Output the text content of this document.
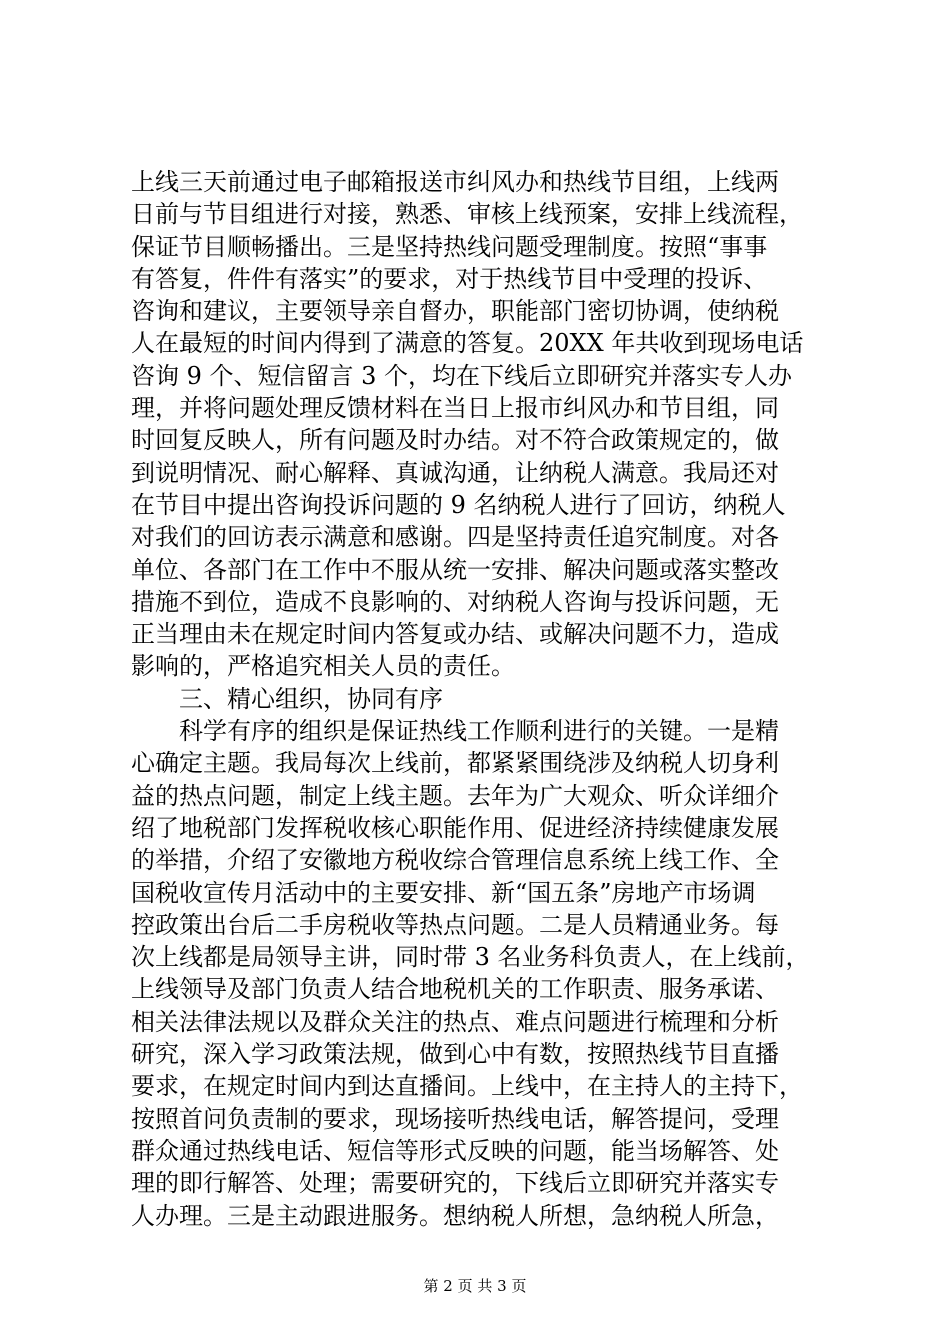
上线三天前通过电子邮箱报送市纠风办和热线节目组，上线两
日前与节目组进行对接，熟悉、审核上线预案，安排上线流程，
保证节目顺畅播出。三是坚持热线问题受理制度。按照“事事
有答复，件件有落实”的要求，对于热线节目中受理的投诉、
咨询和建议，主要领导亲自督办，职能部门密切协调，使纳税
人在最短的时间内得到了满意的答复。20XX 年共收到现场电话
咨询 9 个、短信留言 3 个，均在下线后立即研究并落实专人办
理，并将问题处理反馈材料在当日上报市纠风办和节目组，同
时回复反映人，所有问题及时办结。对不符合政策规定的，做
到说明情况、耐心解释、真诚沟通，让纳税人满意。我局还对
在节目中提出咨询投诉问题的 9 名纳税人进行了回访，纳税人
对我们的回访表示满意和感谢。四是坚持责任追究制度。对各
单位、各部门在工作中不服从统一安排、解决问题或落实整改
措施不到位，造成不良影响的、对纳税人咨询与投诉问题，无
正当理由未在规定时间内答复或办结、或解决问题不力，造成
影响的，严格追究相关人员的责任。
　　三、精心组织，协同有序
　　科学有序的组织是保证热线工作顺利进行的关键。一是精
心确定主题。我局每次上线前，都紧紧围绕涉及纳税人切身利
益的热点问题，制定上线主题。去年为广大观众、听众详细介
绍了地税部门发挥税收核心职能作用、促进经济持续健康发展
的举措，介绍了安徽地方税收综合管理信息系统上线工作、全
国税收宣传月活动中的主要安排、新“国五条”房地产市场调
控政策出台后二手房税收等热点问题。二是人员精通业务。每
次上线都是局领导主讲，同时带 3 名业务科负责人，在上线前，
上线领导及部门负责人结合地税机关的工作职责、服务承诺、
相关法律法规以及群众关注的热点、难点问题进行梳理和分析
研究，深入学习政策法规，做到心中有数，按照热线节目直播
要求，在规定时间内到达直播间。上线中，在主持人的主持下，
按照首问负责制的要求，现场接听热线电话，解答提问，受理
群众通过热线电话、短信等形式反映的问题，能当场解答、处
理的即行解答、处理；需要研究的，下线后立即研究并落实专
人办理。三是主动跟进服务。想纳税人所想，急纳税人所急，
第 2 页 共 3 页
